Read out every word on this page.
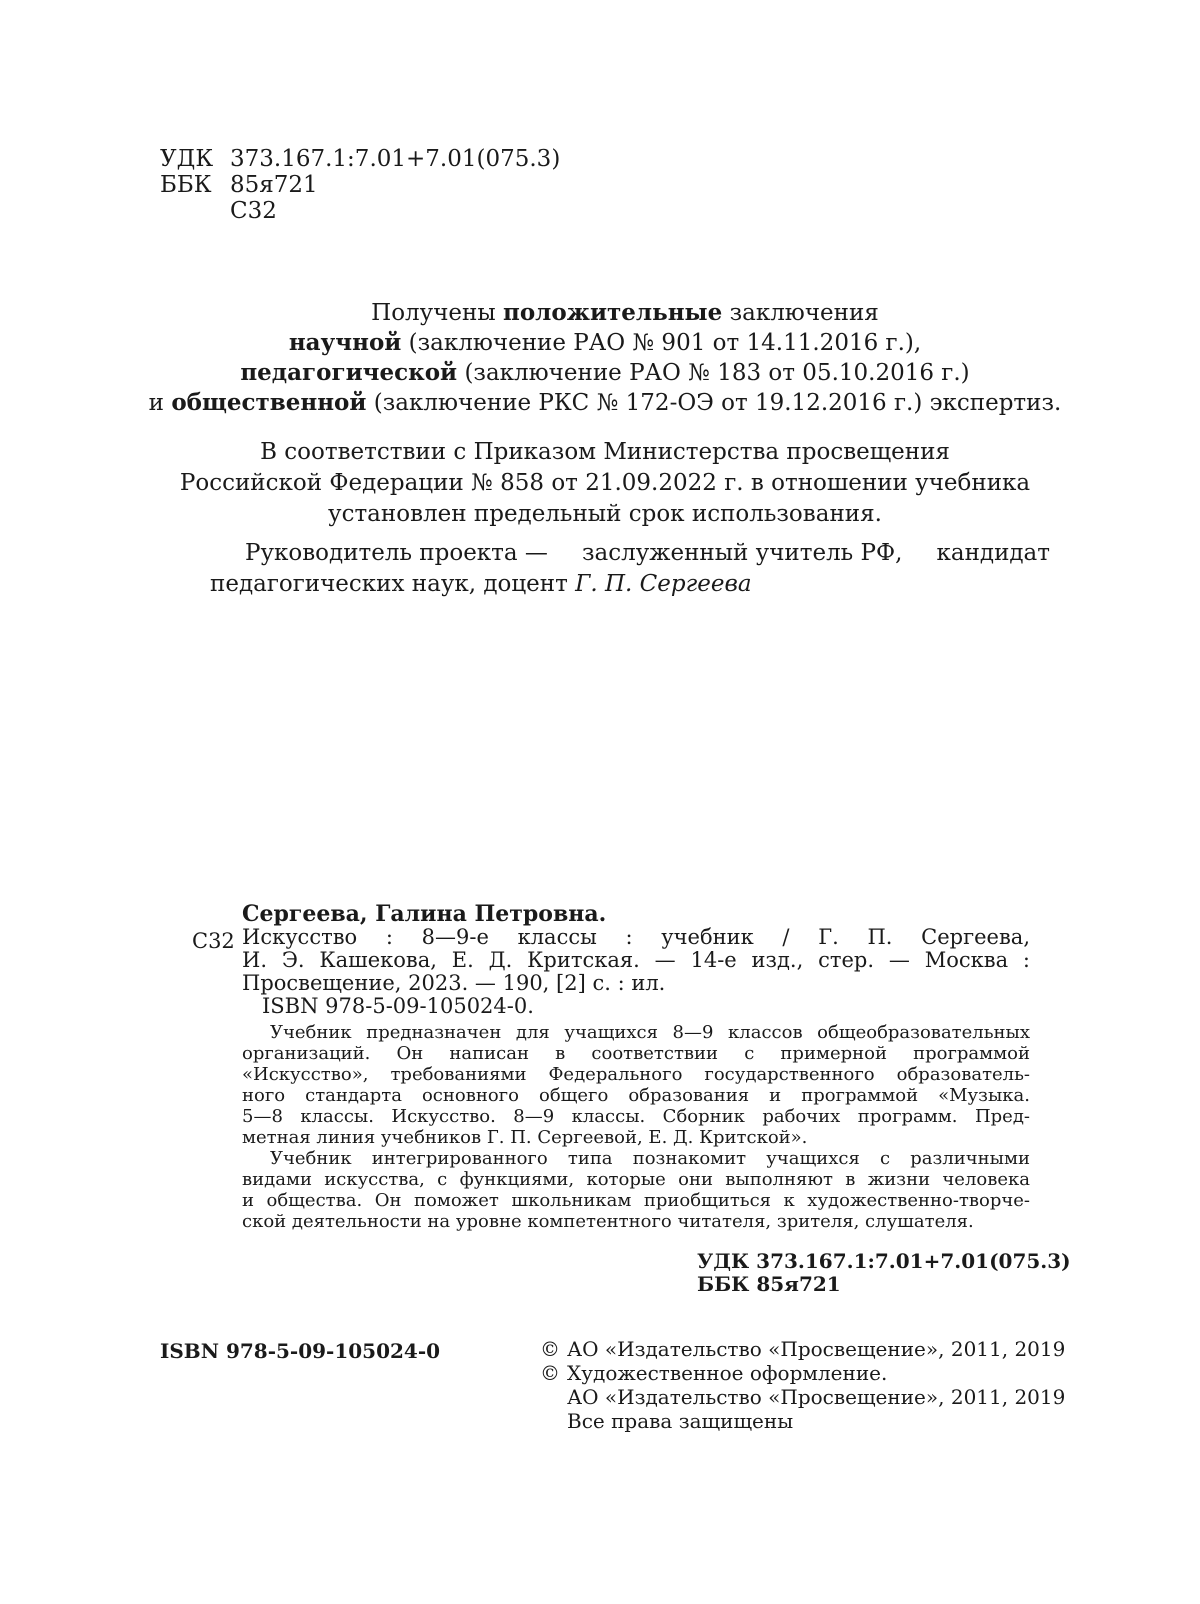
УДК 373.167.1:7.01+7.01(075.3)
ББК 85я721
С32
Получены
положительные
заключения
научной
(заключение РАО № 901 от 14.11.2016 г.),
педагогической
(заключение РАО № 183 от 05.10.2016 г.)
и
общественной
(заключение РКС № 172-ОЭ от 19.12.2016 г.) экспертиз.
В соответствии с Приказом Министерства просвещения
Российской Федерации № 858 от 21.09.2022 г. в отношении учебника
установлен предельный срок использования.
Руководитель проекта — заслуженный учитель РФ, кандидат
педагогических наук, доцент Г. П. Сергеева
Сергеева, Галина Петровна.
С32 Искусство : 8—9-е классы : учебник / Г. П. Сергеева,
И. Э. Кашекова, Е. Д. Критская. — 14-е изд., стер. — Москва :
Просвещение, 2023. — 190, [2] с. : ил.
ISBN 978-5-09-105024-0.
Учебник предназначен для учащихся 8—9 классов общеобразовательных
организаций. Он написан в соответствии с примерной программой
«Искусство», требованиями Федерального государственного образователь-
ного стандарта основного общего образования и программой «Музыка.
5—8 классы. Искусство. 8—9 классы. Сборник рабочих программ. Пред-
метная линия учебников Г. П. Сергеевой, Е. Д. Критской».
Учебник интегрированного типа познакомит учащихся с различными
видами искусства, с функциями, которые они выполняют в жизни человека
и общества. Он поможет школьникам приобщиться к художественно-творче-
ской деятельности на уровне компетентного читателя, зрителя, слушателя.
УДК 373.167.1:7.01+7.01(075.3)
ББК 85я721
ISBN 978-5-09-105024-0	© АО «Издательство «Просвещение», 2011, 2019
© Художественное оформление.
АО «Издательство «Просвещение», 2011, 2019
Все права защищены
